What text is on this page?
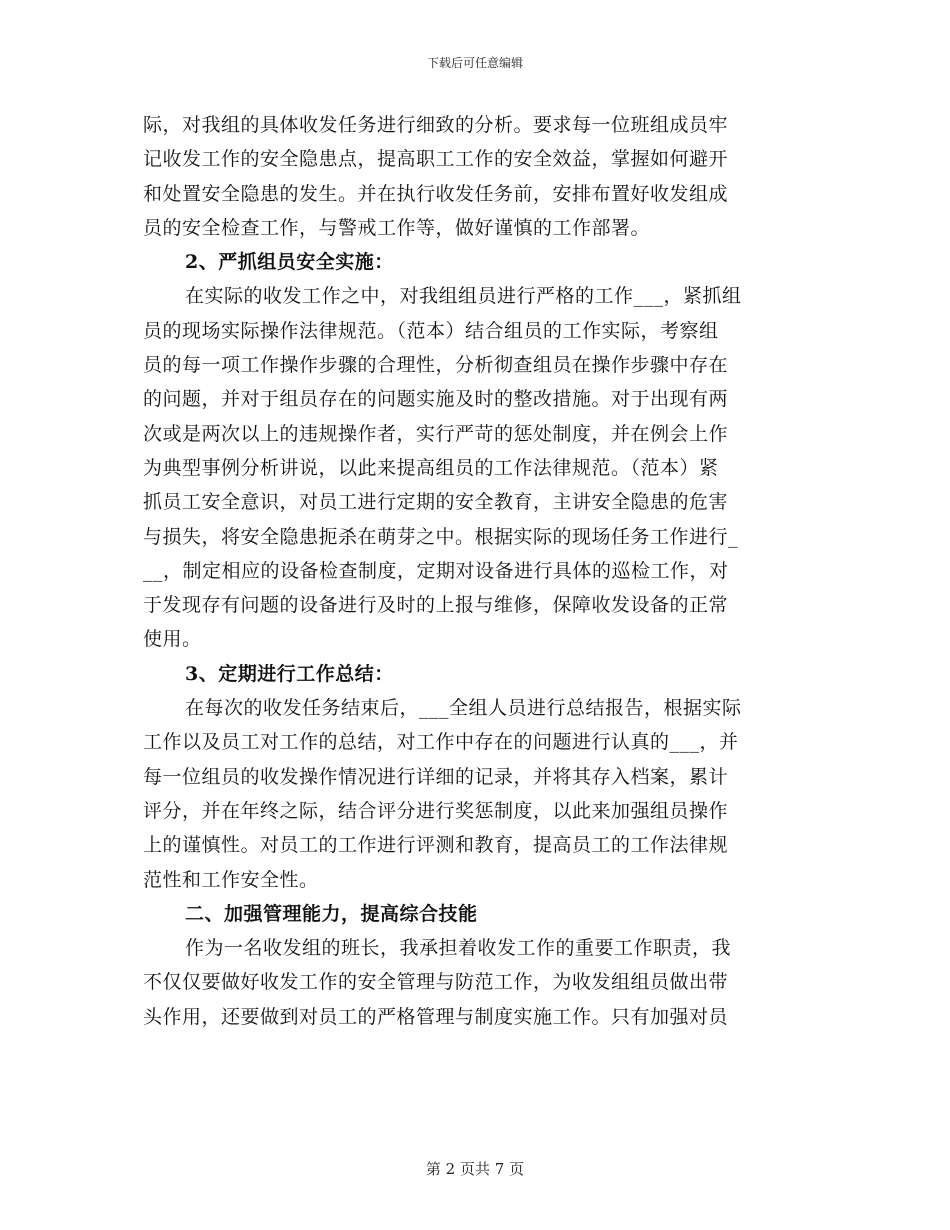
下载后可任意编辑
际，对我组的具体收发任务进行细致的分析。要求每一位班组成员牢
记收发工作的安全隐患点，提高职工工作的安全效益，掌握如何避开
和处置安全隐患的发生。并在执行收发任务前，安排布置好收发组成
员的安全检查工作，与警戒工作等，做好谨慎的工作部署。
2、严抓组员安全实施：
在实际的收发工作之中，对我组组员进行严格的工作___，紧抓组
员的现场实际操作法律规范。（范本）结合组员的工作实际，考察组
员的每一项工作操作步骤的合理性，分析彻查组员在操作步骤中存在
的问题，并对于组员存在的问题实施及时的整改措施。对于出现有两
次或是两次以上的违规操作者，实行严苛的惩处制度，并在例会上作
为典型事例分析讲说，以此来提高组员的工作法律规范。（范本）紧
抓员工安全意识，对员工进行定期的安全教育，主讲安全隐患的危害
与损失，将安全隐患扼杀在萌芽之中。根据实际的现场任务工作进行_
__，制定相应的设备检查制度，定期对设备进行具体的巡检工作，对
于发现存有问题的设备进行及时的上报与维修，保障收发设备的正常
使用。
3、定期进行工作总结：
在每次的收发任务结束后，___全组人员进行总结报告，根据实际
工作以及员工对工作的总结，对工作中存在的问题进行认真的___，并
每一位组员的收发操作情况进行详细的记录，并将其存入档案，累计
评分，并在年终之际，结合评分进行奖惩制度，以此来加强组员操作
上的谨慎性。对员工的工作进行评测和教育，提高员工的工作法律规
范性和工作安全性。
二、加强管理能力，提高综合技能
作为一名收发组的班长，我承担着收发工作的重要工作职责，我
不仅仅要做好收发工作的安全管理与防范工作，为收发组组员做出带
头作用，还要做到对员工的严格管理与制度实施工作。只有加强对员
第 2 页共 7 页
